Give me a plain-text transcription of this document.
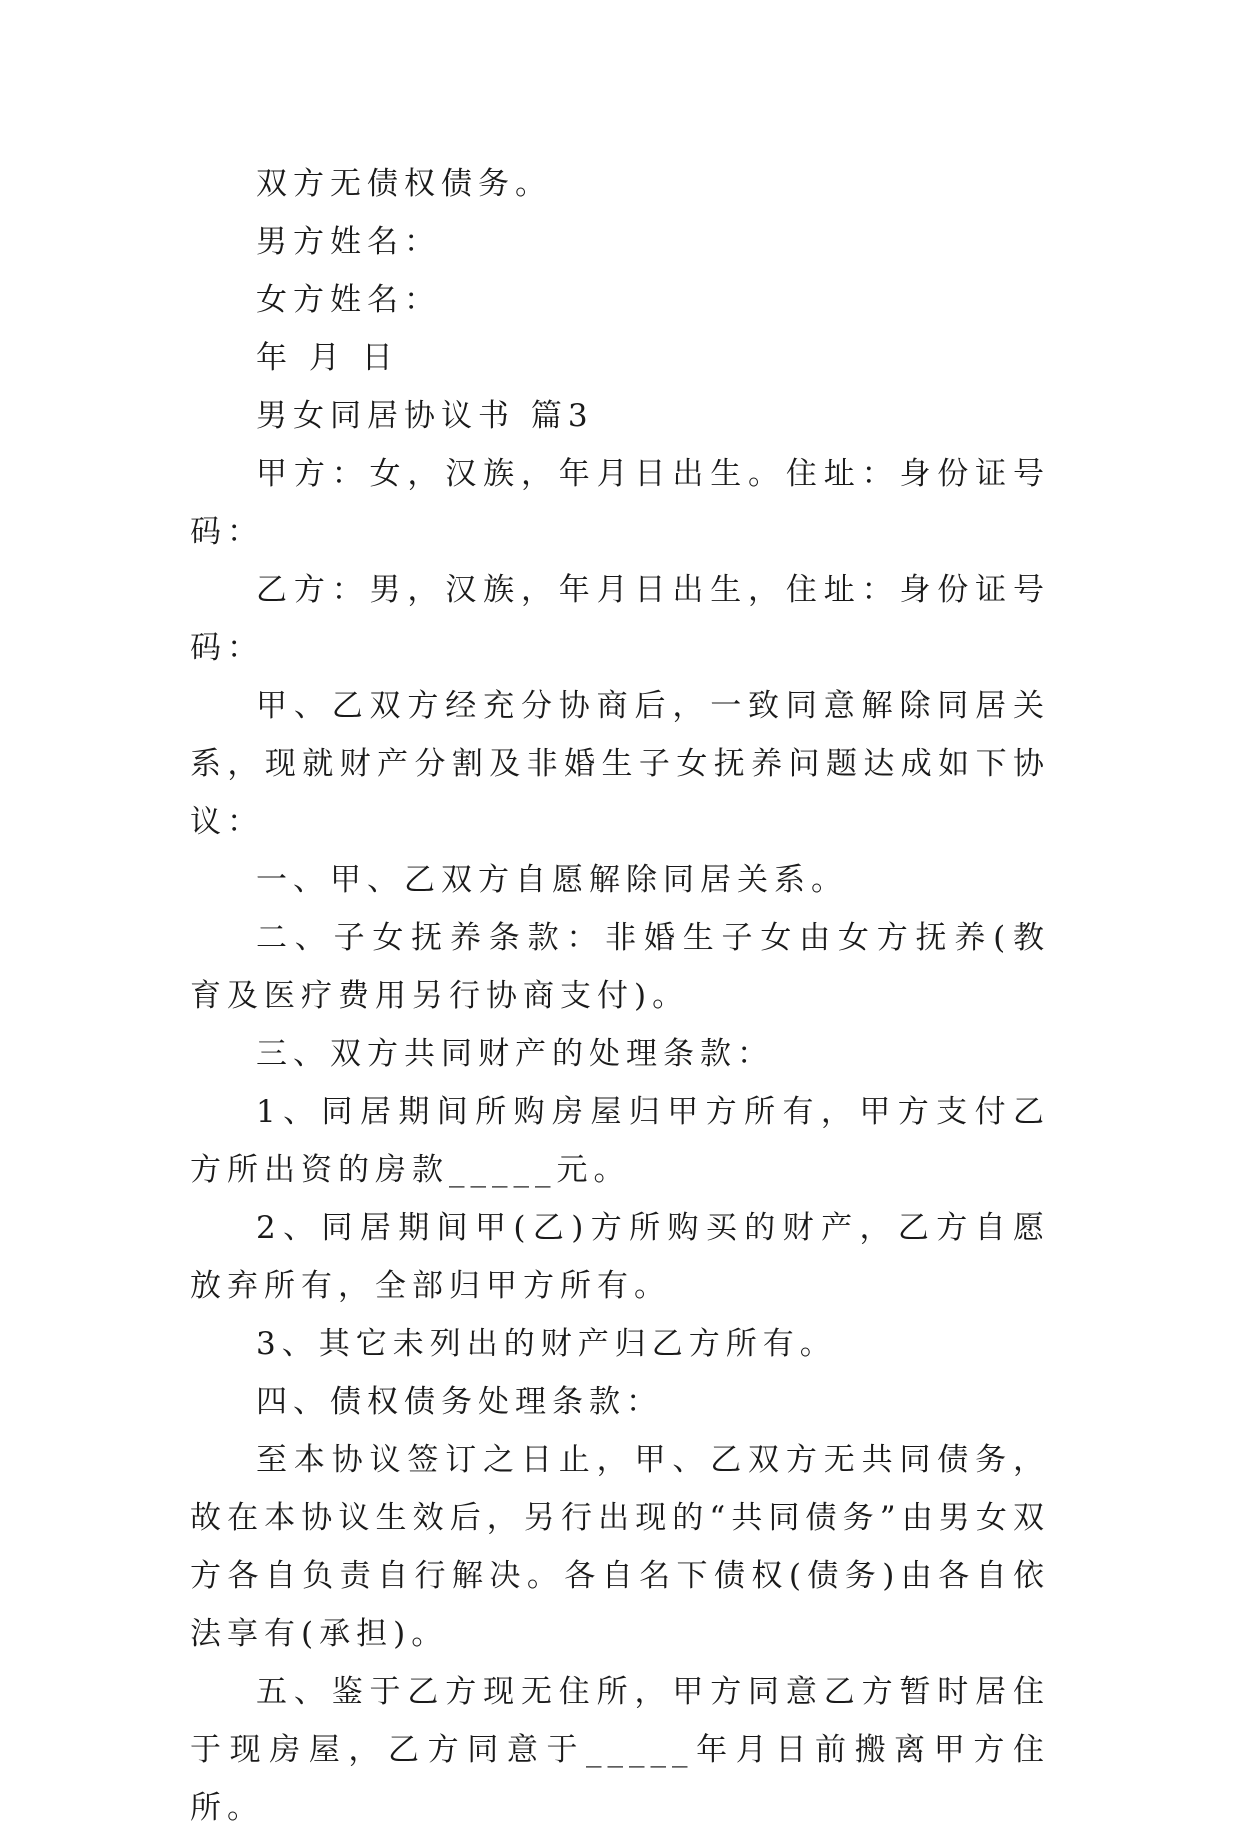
双方无债权债务。

男方姓名：

女方姓名：

年 月 日

男女同居协议书 篇3

甲方：女，汉族，年月日出生。住址：身份证号码：

乙方：男，汉族，年月日出生，住址：身份证号码：

甲、乙双方经充分协商后，一致同意解除同居关系，现就财产分割及非婚生子女抚养问题达成如下协议：

一、甲、乙双方自愿解除同居关系。

二、子女抚养条款：非婚生子女由女方抚养(教育及医疗费用另行协商支付)。

三、双方共同财产的处理条款：

1、同居期间所购房屋归甲方所有，甲方支付乙方所出资的房款_____元。

2、同居期间甲(乙)方所购买的财产，乙方自愿放弃所有，全部归甲方所有。

3、其它未列出的财产归乙方所有。

四、债权债务处理条款：

至本协议签订之日止，甲、乙双方无共同债务，故在本协议生效后，另行出现的“共同债务”由男女双方各自负责自行解决。各自名下债权(债务)由各自依法享有(承担)。

五、鉴于乙方现无住所，甲方同意乙方暂时居住于现房屋，乙方同意于_____年月日前搬离甲方住所。
